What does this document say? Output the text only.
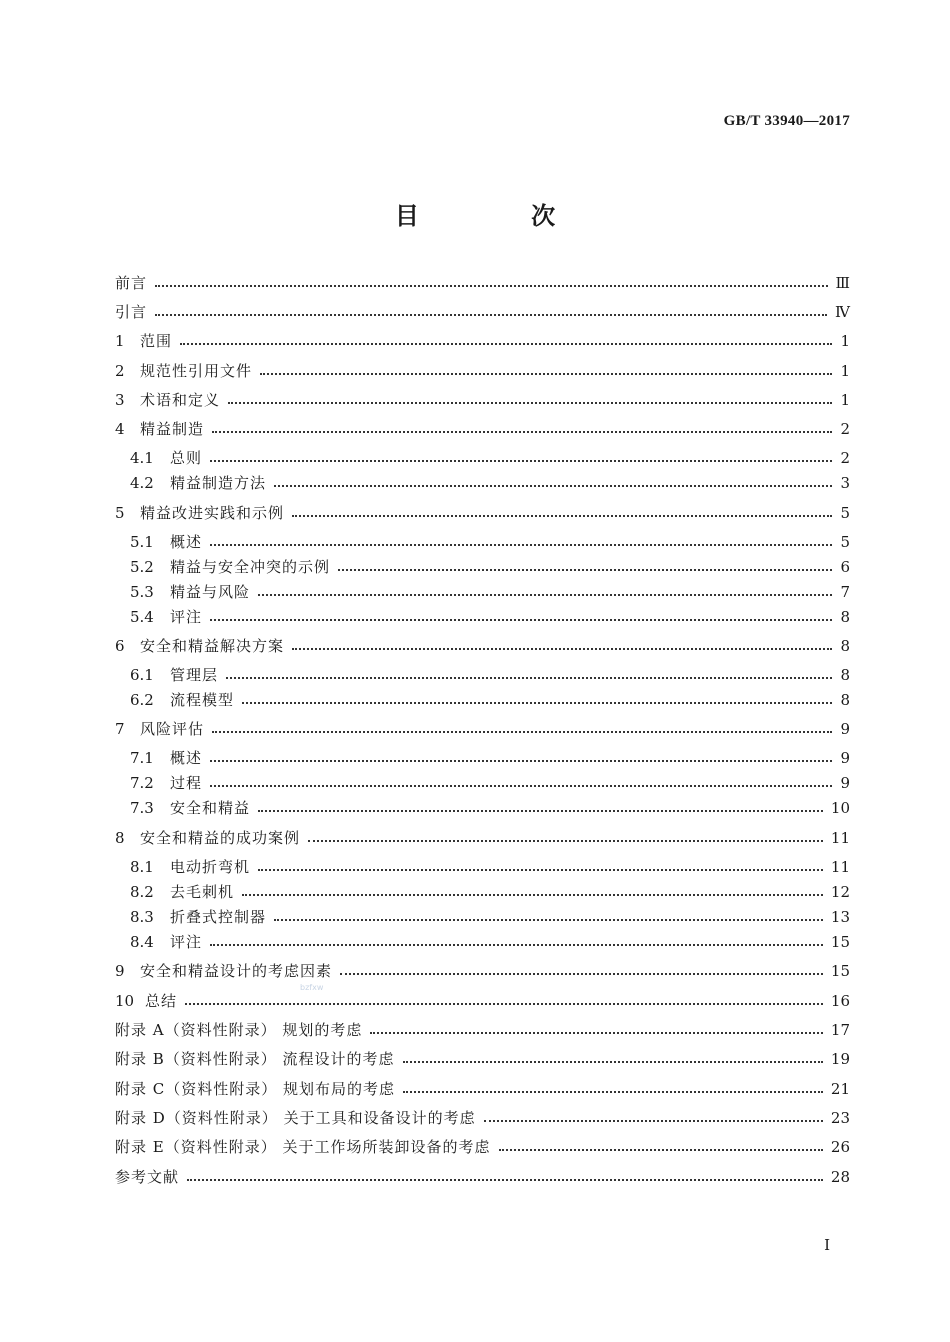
GB/T 33940—2017
目 次
前言	Ⅲ
引言	Ⅳ
1	范围	1
2	规范性引用文件	1
3	术语和定义	1
4	精益制造	2
4.1	总则	2
4.2	精益制造方法	3
5	精益改进实践和示例	5
5.1	概述	5
5.2	精益与安全冲突的示例	6
5.3	精益与风险	7
5.4	评注	8
6	安全和精益解决方案	8
6.1	管理层	8
6.2	流程模型	8
7	风险评估	9
7.1	概述	9
7.2	过程	9
7.3	安全和精益	10
8	安全和精益的成功案例	11
8.1	电动折弯机	11
8.2	去毛刺机	12
8.3	折叠式控制器	13
8.4	评注	15
9	安全和精益设计的考虑因素	15
10 总结	16
附录 A（资料性附录） 规划的考虑	17
附录 B（资料性附录） 流程设计的考虑	19
附录 C（资料性附录） 规划布局的考虑	21
附录 D（资料性附录） 关于工具和设备设计的考虑	23
附录 E（资料性附录） 关于工作场所装卸设备的考虑	26
参考文献	28
bzfxw
I
